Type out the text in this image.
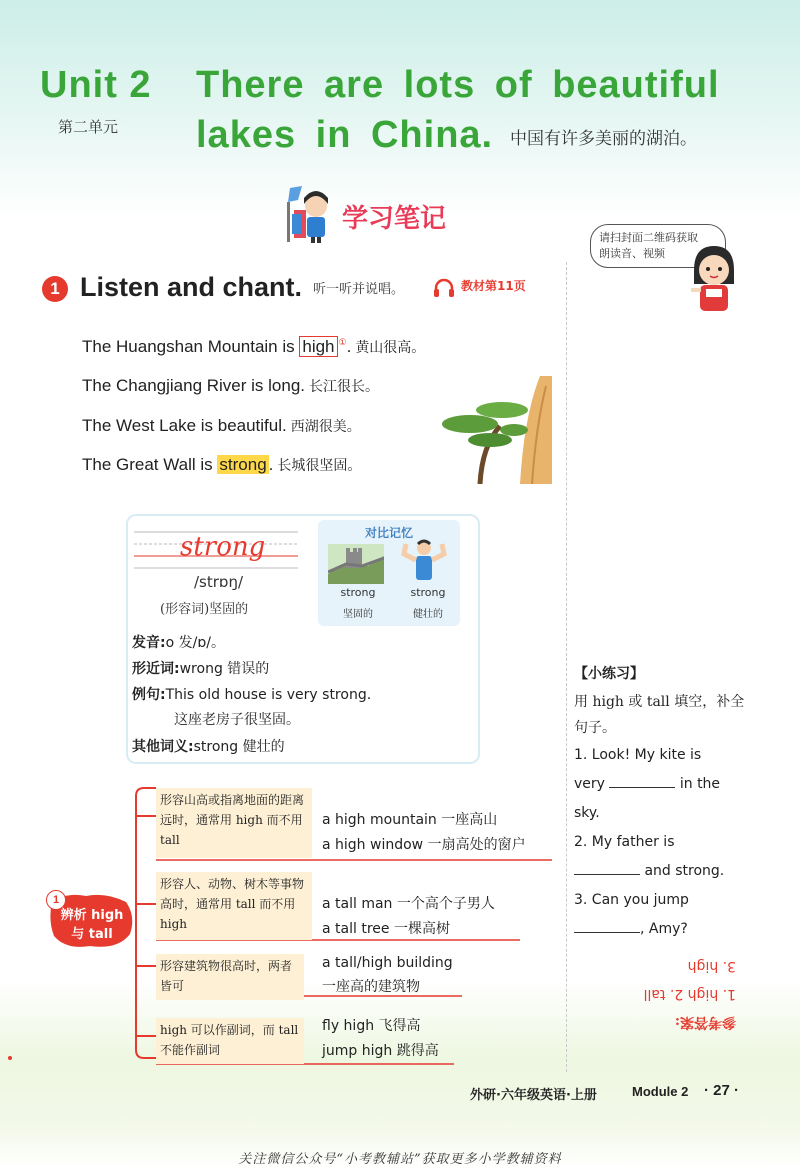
Unit 2
第二单元
There are lots of beautiful
lakes in China. 中国有许多美丽的湖泊。
学习笔记
请扫封面二维码获取
朗读音、视频
1 Listen and chant. 听一听并说唱。	教材第11页
The Huangshan Mountain is high ①. 黄山很高。
The Changjiang River is long. 长江很长。
The West Lake is beautiful. 西湖很美。
The Great Wall is strong . 长城很坚固。
strong
/strɒŋ/
(形容词)坚固的
对比记忆
strong
坚固的
strong
健壮的
发音:o 发/ɒ/。
形近词:wrong 错误的
例句:This old house is very strong.
这座老房子很坚固。
其他词义:strong 健壮的
【小练习】
用 high 或 tall 填空，补全句子。
1. Look! My kite is
very	in the
sky.
2. My father is
and strong.
3. Can you jump
, Amy?
参考答案:
1. high 2. tall
3. high
1
辨析 high
与 tall
形容山高或指离地面的距离远时，通常用 high 而不用 tall
a high mountain 一座高山
a high window 一扇高处的窗户
形容人、动物、树木等事物高时，通常用 tall 而不用 high
a tall man 一个高个子男人
a tall tree 一棵高树
形容建筑物很高时，两者皆可
a tall/high building
一座高的建筑物
high 可以作副词，而 tall 不能作副词
fly high 飞得高
jump high 跳得高
外研·六年级英语·上册	Module 2 · 27 ·
关注微信公众号“小考教辅站”获取更多小学教辅资料
